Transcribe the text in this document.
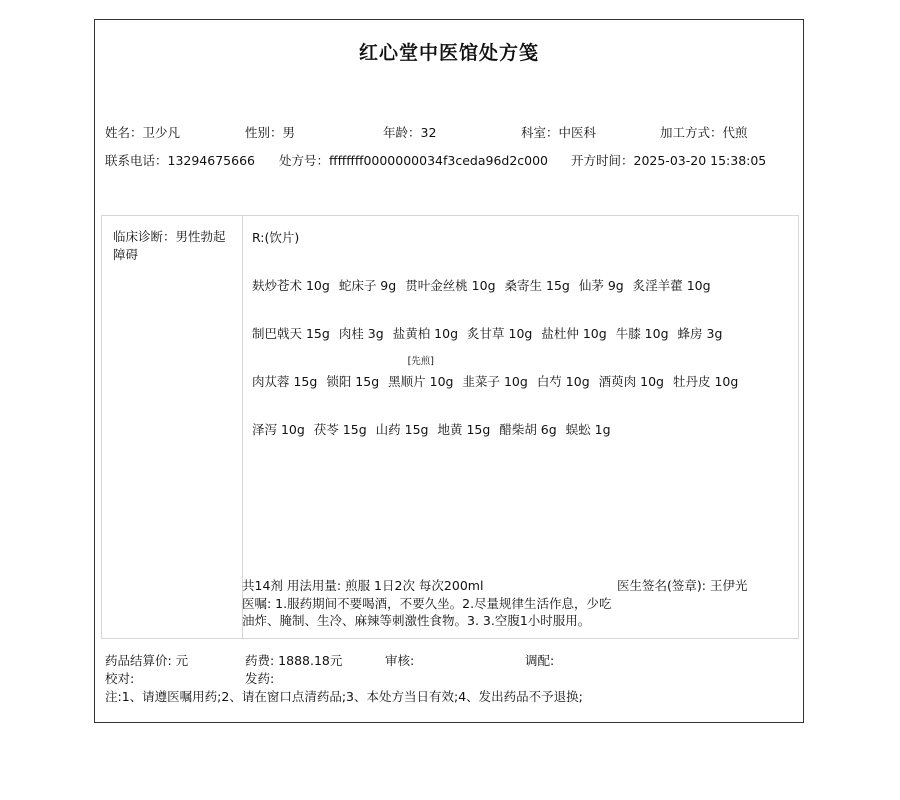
红心堂中医馆处方笺
姓名：卫少凡	性别：男	年龄：32	科室：中医科	加工方式：代煎
联系电话：13294675666 处方号：ffffffff0000000034f3ceda96d2c000 开方时间：2025-03-20 15:38:05
临床诊断：男性勃起障碍
R:(饮片)
麸炒苍术 10g 蛇床子 9g 贯叶金丝桃 10g 桑寄生 15g 仙茅 9g 炙淫羊藿 10g
制巴戟天 15g 肉桂 3g 盐黄柏 10g 炙甘草 10g 盐杜仲 10g 牛膝 10g 蜂房 3g
肉苁蓉 15g 锁阳 15g
[先煎]
黑顺片 10g 韭菜子 10g 白芍 10g 酒萸肉 10g 牡丹皮 10g
泽泻 10g 茯苓 15g 山药 15g 地黄 15g 醋柴胡 6g 蜈蚣 1g
共14剂 用法用量: 煎服 1日2次 每次200ml	医生签名(签章): 王伊光
医嘱: 1.服药期间不要喝酒，不要久坐。2.尽量规律生活作息，少吃油炸、腌制、生冷、麻辣等刺激性食物。3. 3.空腹1小时服用。
药品结算价: 元	药费: 1888.18元	审核:	调配:
校对:	发药:
注:1、请遵医嘱用药;2、请在窗口点清药品;3、本处方当日有效;4、发出药品不予退换;
